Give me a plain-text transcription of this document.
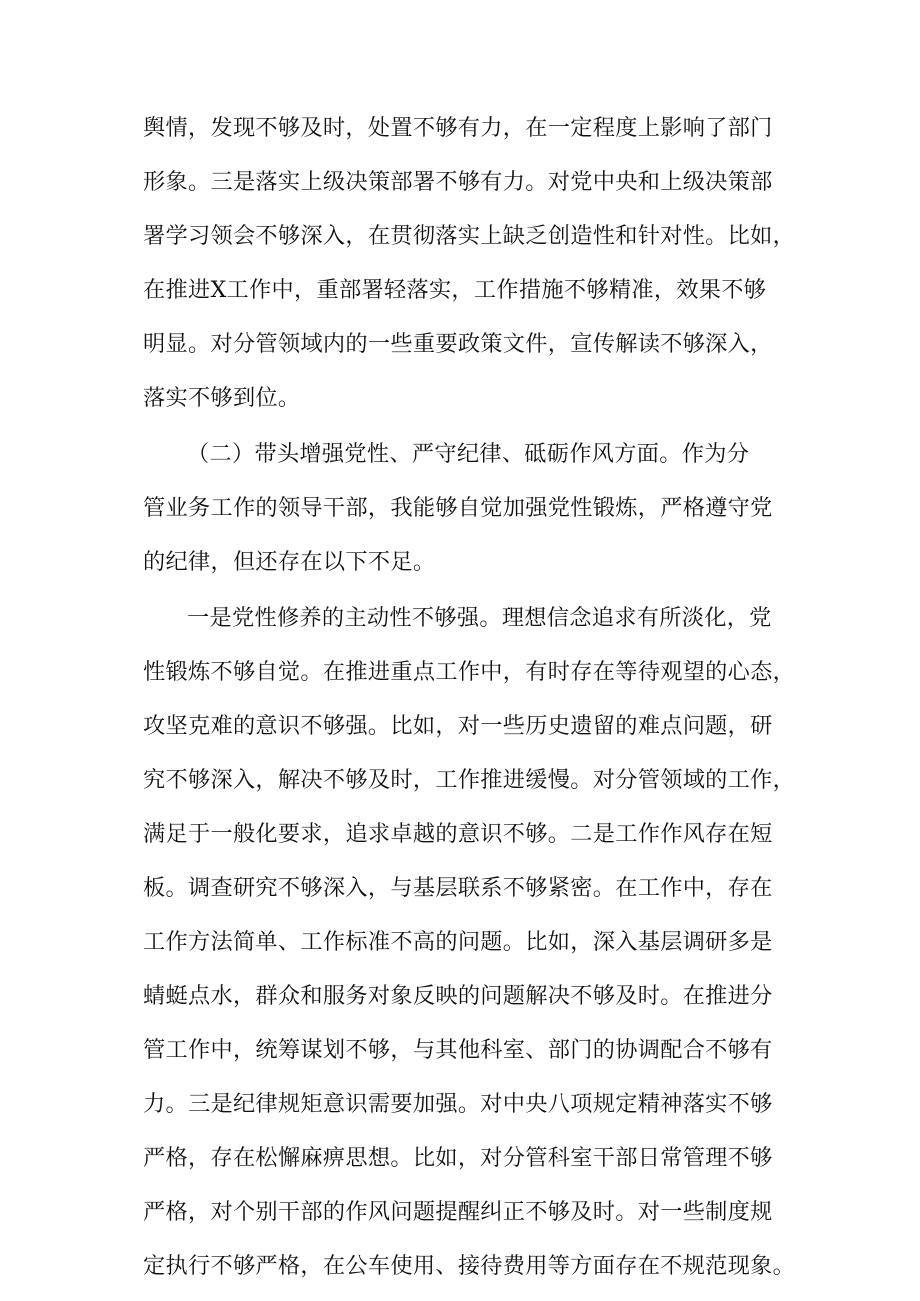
舆情，发现不够及时，处置不够有力，在一定程度上影响了部门
形象。三是落实上级决策部署不够有力。对党中央和上级决策部
署学习领会不够深入，在贯彻落实上缺乏创造性和针对性。比如，
在推进X工作中，重部署轻落实，工作措施不够精准，效果不够
明显。对分管领域内的一些重要政策文件，宣传解读不够深入，
落实不够到位。
（二）带头增强党性、严守纪律、砥砺作风方面。作为分
管业务工作的领导干部，我能够自觉加强党性锻炼，严格遵守党
的纪律，但还存在以下不足。
一是党性修养的主动性不够强。理想信念追求有所淡化，党
性锻炼不够自觉。在推进重点工作中，有时存在等待观望的心态，
攻坚克难的意识不够强。比如，对一些历史遗留的难点问题，研
究不够深入，解决不够及时，工作推进缓慢。对分管领域的工作，
满足于一般化要求，追求卓越的意识不够。二是工作作风存在短
板。调查研究不够深入，与基层联系不够紧密。在工作中，存在
工作方法简单、工作标准不高的问题。比如，深入基层调研多是
蜻蜓点水，群众和服务对象反映的问题解决不够及时。在推进分
管工作中，统筹谋划不够，与其他科室、部门的协调配合不够有
力。三是纪律规矩意识需要加强。对中央八项规定精神落实不够
严格，存在松懈麻痹思想。比如，对分管科室干部日常管理不够
严格，对个别干部的作风问题提醒纠正不够及时。对一些制度规
定执行不够严格，在公车使用、接待费用等方面存在不规范现象。
